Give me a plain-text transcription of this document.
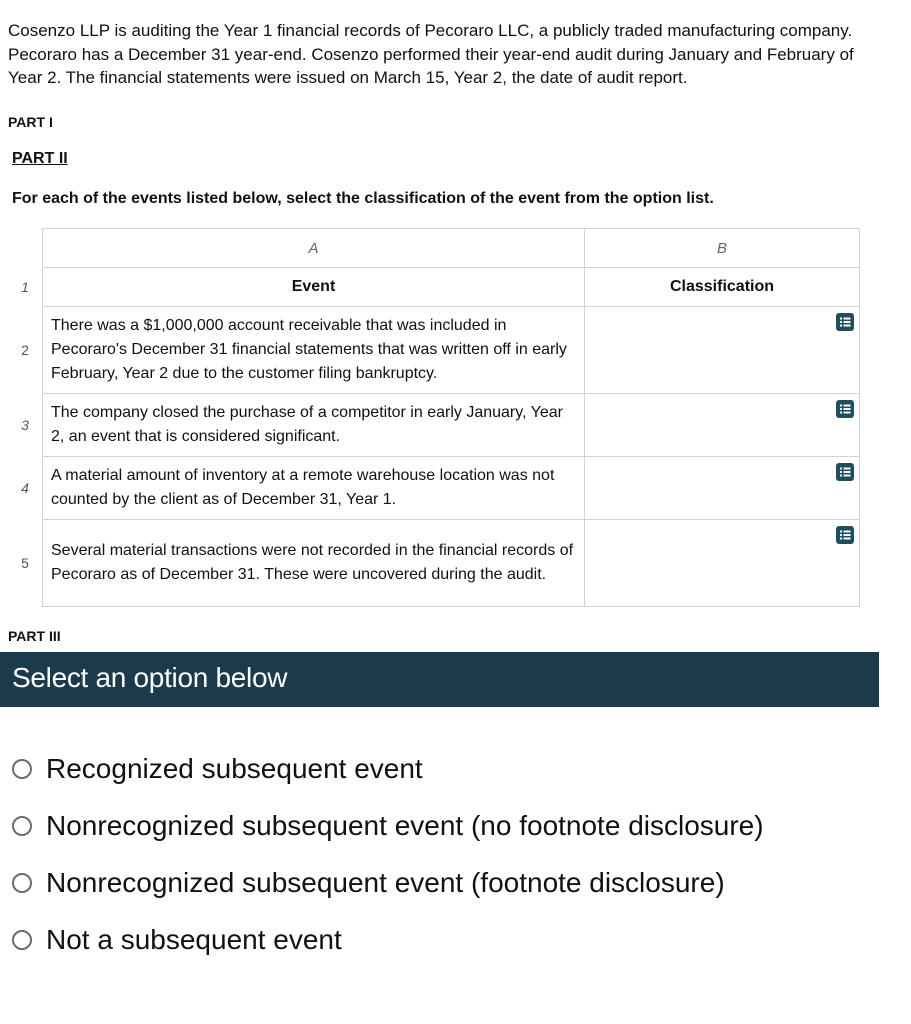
Cosenzo LLP is auditing the Year 1 financial records of Pecoraro LLC, a publicly traded manufacturing company. Pecoraro has a December 31 year-end. Cosenzo performed their year-end audit during January and February of Year 2. The financial statements were issued on March 15, Year 2, the date of audit report.

PART I

PART II

For each of the events listed below, select the classification of the event from the option list.

	A	B
1	Event	Classification
2	There was a $1,000,000 account receivable that was included in Pecoraro's December 31 financial statements that was written off in early February, Year 2 due to the customer filing bankruptcy.	

3	The company closed the purchase of a competitor in early January, Year 2, an event that is considered significant.	

4	A material amount of inventory at a remote warehouse location was not counted by the client as of December 31, Year 1.	

5	Several material transactions were not recorded in the financial records of Pecoraro as of December 31. These were uncovered during the audit.	
PART III
Select an option below
Recognized subsequent event
Nonrecognized subsequent event (no footnote disclosure)
Nonrecognized subsequent event (footnote disclosure)
Not a subsequent event
